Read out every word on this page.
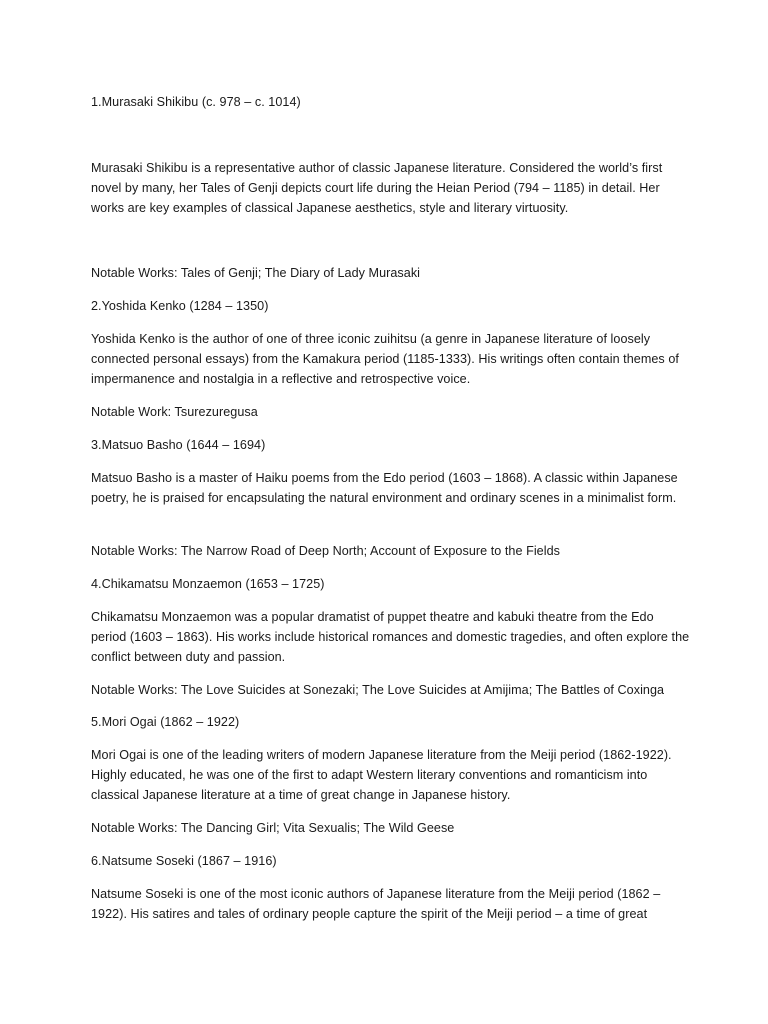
1.Murasaki Shikibu (c. 978 – c. 1014)

Murasaki Shikibu is a representative author of classic Japanese literature. Considered the world’s first novel by many, her Tales of Genji depicts court life during the Heian Period (794 – 1185) in detail. Her works are key examples of classical Japanese aesthetics, style and literary virtuosity.

Notable Works: Tales of Genji; The Diary of Lady Murasaki

2.Yoshida Kenko (1284 – 1350)

Yoshida Kenko is the author of one of three iconic zuihitsu (a genre in Japanese literature of loosely connected personal essays) from the Kamakura period (1185-1333). His writings often contain themes of impermanence and nostalgia in a reflective and retrospective voice.

Notable Work: Tsurezuregusa

3.Matsuo Basho (1644 – 1694)

Matsuo Basho is a master of Haiku poems from the Edo period (1603 – 1868). A classic within Japanese poetry, he is praised for encapsulating the natural environment and ordinary scenes in a minimalist form.

Notable Works: The Narrow Road of Deep North; Account of Exposure to the Fields

4.Chikamatsu Monzaemon (1653 – 1725)

Chikamatsu Monzaemon was a popular dramatist of puppet theatre and kabuki theatre from the Edo period (1603 – 1863). His works include historical romances and domestic tragedies, and often explore the conflict between duty and passion.

Notable Works: The Love Suicides at Sonezaki; The Love Suicides at Amijima; The Battles of Coxinga

5.Mori Ogai (1862 – 1922)

Mori Ogai is one of the leading writers of modern Japanese literature from the Meiji period (1862-1922). Highly educated, he was one of the first to adapt Western literary conventions and romanticism into classical Japanese literature at a time of great change in Japanese history.

Notable Works: The Dancing Girl; Vita Sexualis; The Wild Geese

6.Natsume Soseki (1867 – 1916)

Natsume Soseki is one of the most iconic authors of Japanese literature from the Meiji period (1862 – 1922). His satires and tales of ordinary people capture the spirit of the Meiji period – a time of great
